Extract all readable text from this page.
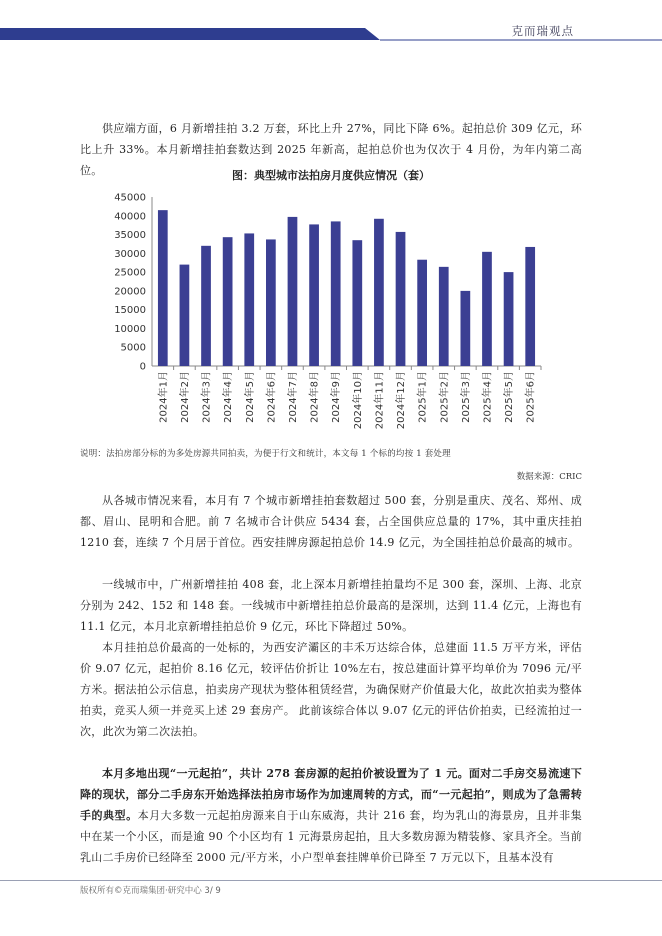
克而瑞观点

供应端方面，6 月新增挂拍 3.2 万套，环比上升 27%，同比下降 6%。起拍总价 309 亿元，环比上升 33%。本月新增挂拍套数达到 2025 年新高，起拍总价也为仅次于 4 月份，为年内第二高位。	图：典型城市法拍房月度供应情况（套）
0
5000
10000
15000
20000
25000
30000
35000
40000
45000
2024年1月 2024年2月 2024年3月 2024年4月 2024年5月 2024年6月 2024年7月 2024年8月 2024年9月 2024年10月 2024年11月 2024年12月 2025年1月 2025年2月 2025年3月 2025年4月 2025年5月 2025年6月
说明：法拍房部分标的为多处房源共同拍卖，为便于行文和统计，本文每 1 个标的均按 1 套处理
数据来源：CRIC

从各城市情况来看，本月有 7 个城市新增挂拍套数超过 500 套，分别是重庆、茂名、郑州、成都、眉山、昆明和合肥。前 7 名城市合计供应 5434 套，占全国供应总量的 17%，其中重庆挂拍 1210 套，连续 7 个月居于首位。西安挂牌房源起拍总价 14.9 亿元，为全国挂拍总价最高的城市。

一线城市中，广州新增挂拍 408 套，北上深本月新增挂拍量均不足 300 套，深圳、上海、北京分别为 242、152 和 148 套。一线城市中新增挂拍总价最高的是深圳，达到 11.4 亿元，上海也有 11.1 亿元，本月北京新增挂拍总价 9 亿元，环比下降超过 50%。

本月挂拍总价最高的一处标的，为西安浐灞区的丰禾万达综合体，总建面 11.5 万平方米，评估价 9.07 亿元，起拍价 8.16 亿元，较评估价折让 10%左右，按总建面计算平均单价为 7096 元/平方米。据法拍公示信息，拍卖房产现状为整体租赁经营，为确保财产价值最大化，故此次拍卖为整体拍卖，竞买人须一并竞买上述 29 套房产。 此前该综合体以 9.07 亿元的评估价拍卖，已经流拍过一次，此次为第二次法拍。

本月多地出现“一元起拍”，共计 278 套房源的起拍价被设置为了 1 元。面对二手房交易流速下降的现状，部分二手房东开始选择法拍房市场作为加速周转的方式，而“一元起拍”，则成为了急需转手的典型。本月大多数一元起拍房源来自于山东威海，共计 216 套，均为乳山的海景房，且并非集中在某一个小区，而是逾 90 个小区均有 1 元海景房起拍，且大多数房源为精装修、家具齐全。当前乳山二手房价已经降至 2000 元/平方米，小户型单套挂牌单价已降至 7 万元以下，且基本没有

版权所有©克而瑞集团·研究中心 3/ 9
